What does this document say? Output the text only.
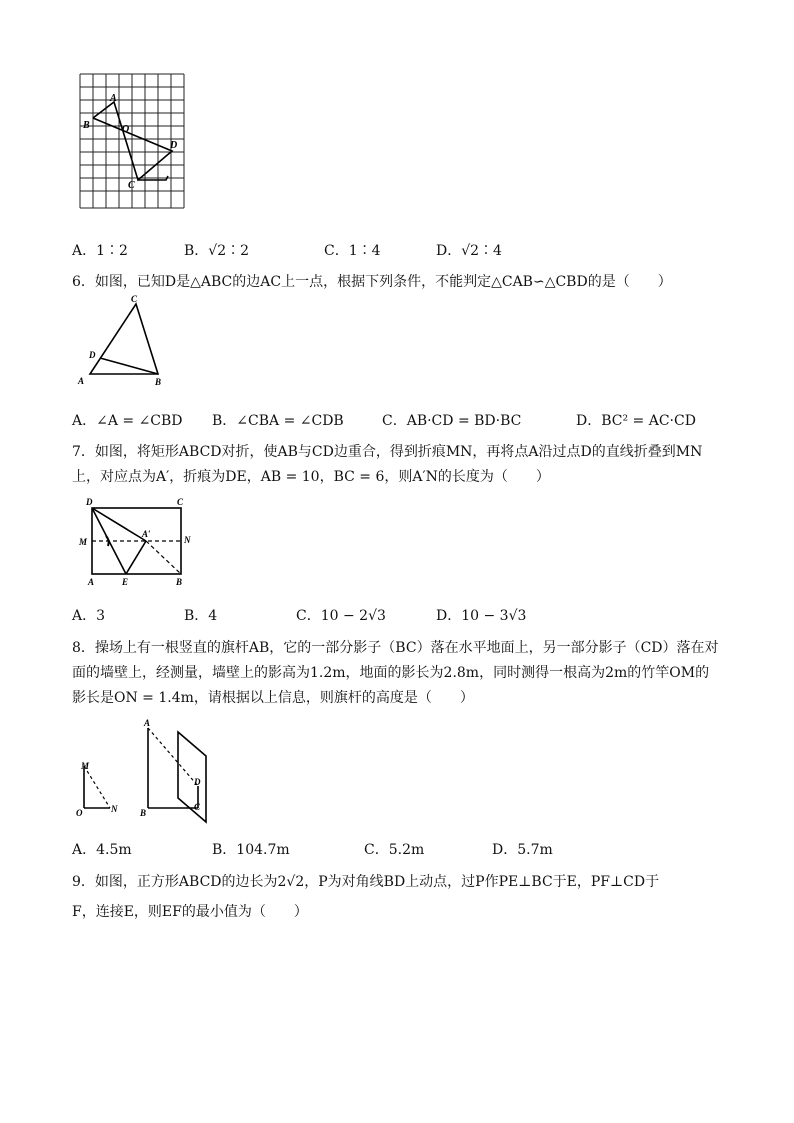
A
B	O
D
C
A．1∶2	B．√2∶2	C．1∶4	D．√2∶4
6．如图，已知D是△ABC的边AC上一点，根据下列条件，不能判定△CAB∽△CBD的是（　　）
C
D
A	B
A．∠A = ∠CBD B．∠CBA = ∠CDB	C．AB·CD = BD·BC	D．BC² = AC·CD
7．如图，将矩形ABCD对折，使AB与CD边重合，得到折痕MN，再将点A沿过点D的直线折叠到MN
上，对应点为A′，折痕为DE，AB = 10，BC = 6，则A′N的长度为（　　）
D	C
M	N
A′
A	E	B
A．3	B．4	C．10 − 2√3	D．10 − 3√3
8．操场上有一根竖直的旗杆AB，它的一部分影子（BC）落在水平地面上，另一部分影子（CD）落在对
面的墙壁上，经测量，墙壁上的影高为1.2m，地面的影长为2.8m，同时测得一根高为2m的竹竿OM的
影长是ON = 1.4m，请根据以上信息，则旗杆的高度是（　　）
M
O	N
A
B
D
C
A．4.5m	B．104.7m	C．5.2m	D．5.7m
9．如图，正方形ABCD的边长为2√2，P为对角线BD上动点，过P作PE⊥BC于E，PF⊥CD于
F，连接E，则EF的最小值为（　　）
